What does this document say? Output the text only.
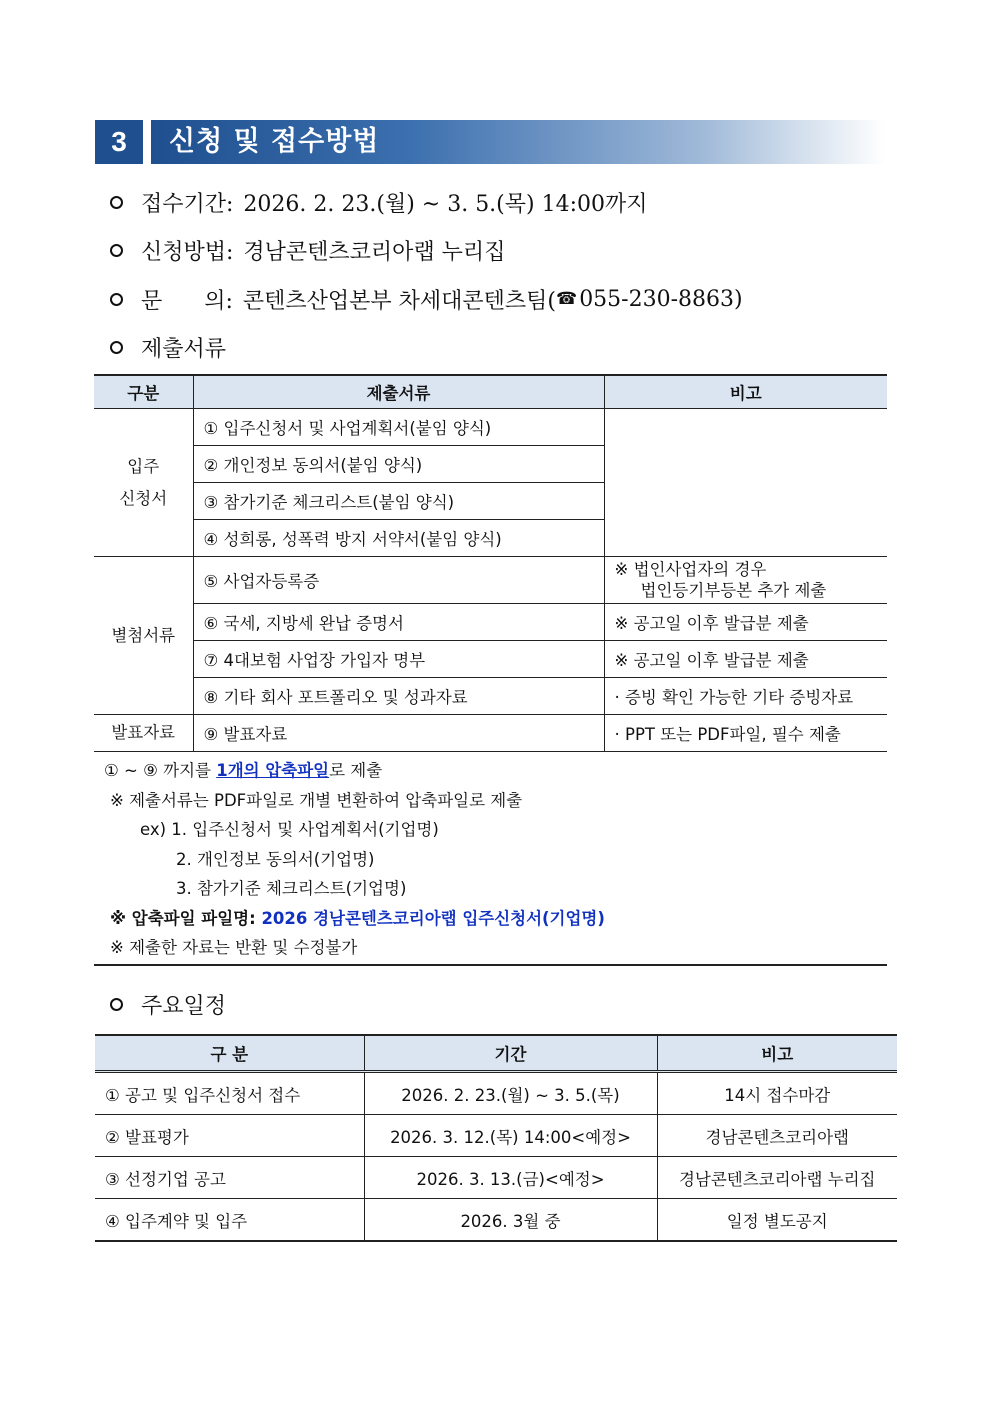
3	신청 및 접수방법
접수기간: 2026. 2. 23.(월) ~ 3. 5.(목) 14:00까지
신청방법: 경남콘텐츠코리아랩 누리집
문      의: 콘텐츠산업본부 차세대콘텐츠팀( ☎ 055-230-8863)
제출서류
구분	제출서류	비고

입주
신청서	① 입주신청서 및 사업계획서(붙임 양식)	
	② 개인정보 동의서(붙임 양식)	
	③ 참가기준 체크리스트(붙임 양식)	
	④ 성희롱, 성폭력 방지 서약서(붙임 양식)	
별첨서류	⑤ 사업자등록증	※ 법인사업자의 경우
법인등기부등본 추가 제출

	⑥ 국세, 지방세 완납 증명서	※ 공고일 이후 발급분 제출
	⑦ 4대보험 사업장 가입자 명부	※ 공고일 이후 발급분 제출
	⑧ 기타 회사 포트폴리오 및 성과자료	· 증빙 확인 가능한 기타 증빙자료
발표자료	⑨ 발표자료	· PPT 또는 PDF파일, 필수 제출
① ~ ⑨ 까지를 1개의 압축파일로 제출
※ 제출서류는 PDF파일로 개별 변환하여 압축파일로 제출
ex) 1. 입주신청서 및 사업계획서(기업명)
2. 개인정보 동의서(기업명)
3. 참가기준 체크리스트(기업명)
※ 압축파일 파일명: 2026 경남콘텐츠코리아랩 입주신청서(기업명)
※ 제출한 자료는 반환 및 수정불가
주요일정
구 분	기간	비고
① 공고 및 입주신청서 접수	2026. 2. 23.(월) ~ 3. 5.(목)	14시 접수마감
② 발표평가	2026. 3. 12.(목) 14:00<예정>	경남콘텐츠코리아랩
③ 선정기업 공고	2026. 3. 13.(금)<예정>	경남콘텐츠코리아랩 누리집
④ 입주계약 및 입주	2026. 3월 중	일정 별도공지
